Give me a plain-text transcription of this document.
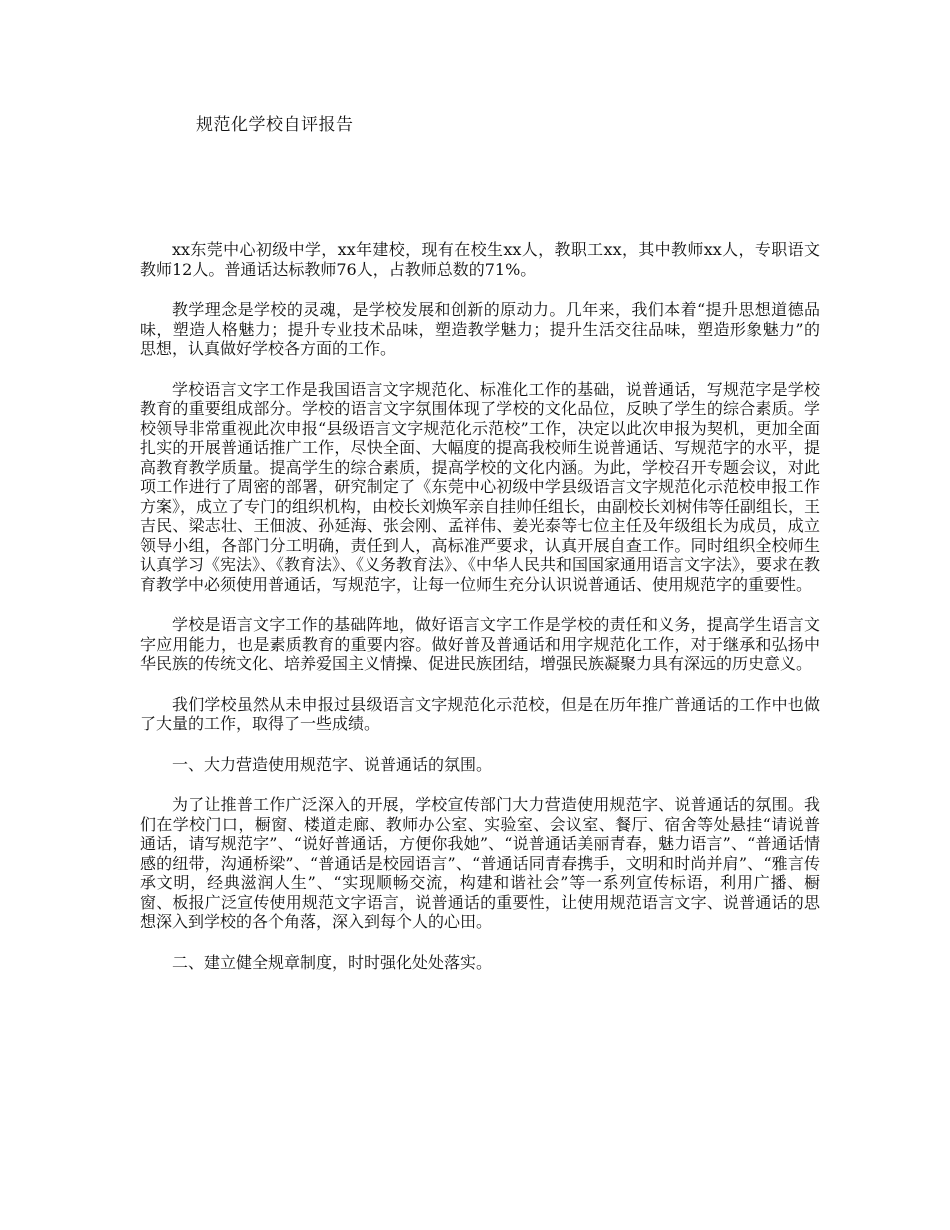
规范化学校自评报告

xx东莞中心初级中学，xx年建校，现有在校生xx人，教职工xx，其中教师xx人，专职语文教师12人。普通话达标教师76人，占教师总数的71%。

教学理念是学校的灵魂，是学校发展和创新的原动力。几年来，我们本着“提升思想道德品味，塑造人格魅力；提升专业技术品味，塑造教学魅力；提升生活交往品味，塑造形象魅力”的思想，认真做好学校各方面的工作。

学校语言文字工作是我国语言文字规范化、标准化工作的基础，说普通话，写规范字是学校教育的重要组成部分。学校的语言文字氛围体现了学校的文化品位，反映了学生的综合素质。学校领导非常重视此次申报“县级语言文字规范化示范校”工作，决定以此次申报为契机，更加全面扎实的开展普通话推广工作，尽快全面、大幅度的提高我校师生说普通话、写规范字的水平，提高教育教学质量。提高学生的综合素质，提高学校的文化内涵。为此，学校召开专题会议，对此项工作进行了周密的部署，研究制定了《东莞中心初级中学县级语言文字规范化示范校申报工作方案》，成立了专门的组织机构，由校长刘焕军亲自挂帅任组长，由副校长刘树伟等任副组长，王吉民、梁志壮、王佃波、孙延海、张会刚、孟祥伟、姜光泰等七位主任及年级组长为成员，成立领导小组，各部门分工明确，责任到人，高标准严要求，认真开展自查工作。同时组织全校师生认真学习《宪法》、《教育法》、《义务教育法》、《中华人民共和国国家通用语言文字法》，要求在教育教学中必须使用普通话，写规范字，让每一位师生充分认识说普通话、使用规范字的重要性。

学校是语言文字工作的基础阵地，做好语言文字工作是学校的责任和义务，提高学生语言文字应用能力，也是素质教育的重要内容。做好普及普通话和用字规范化工作，对于继承和弘扬中华民族的传统文化、培养爱国主义情操、促进民族团结，增强民族凝聚力具有深远的历史意义。

我们学校虽然从未申报过县级语言文字规范化示范校，但是在历年推广普通话的工作中也做了大量的工作，取得了一些成绩。

一、大力营造使用规范字、说普通话的氛围。

为了让推普工作广泛深入的开展，学校宣传部门大力营造使用规范字、说普通话的氛围。我们在学校门口，橱窗、楼道走廊、教师办公室、实验室、会议室、餐厅、宿舍等处悬挂“请说普通话，请写规范字”、“说好普通话，方便你我她”、“说普通话美丽青春，魅力语言”、“普通话情感的纽带，沟通桥梁”、“普通话是校园语言”、“普通话同青春携手，文明和时尚并肩”、“雅言传承文明，经典滋润人生”、“实现顺畅交流，构建和谐社会”等一系列宣传标语，利用广播、橱窗、板报广泛宣传使用规范文字语言，说普通话的重要性，让使用规范语言文字、说普通话的思想深入到学校的各个角落，深入到每个人的心田。

二、建立健全规章制度，时时强化处处落实。
